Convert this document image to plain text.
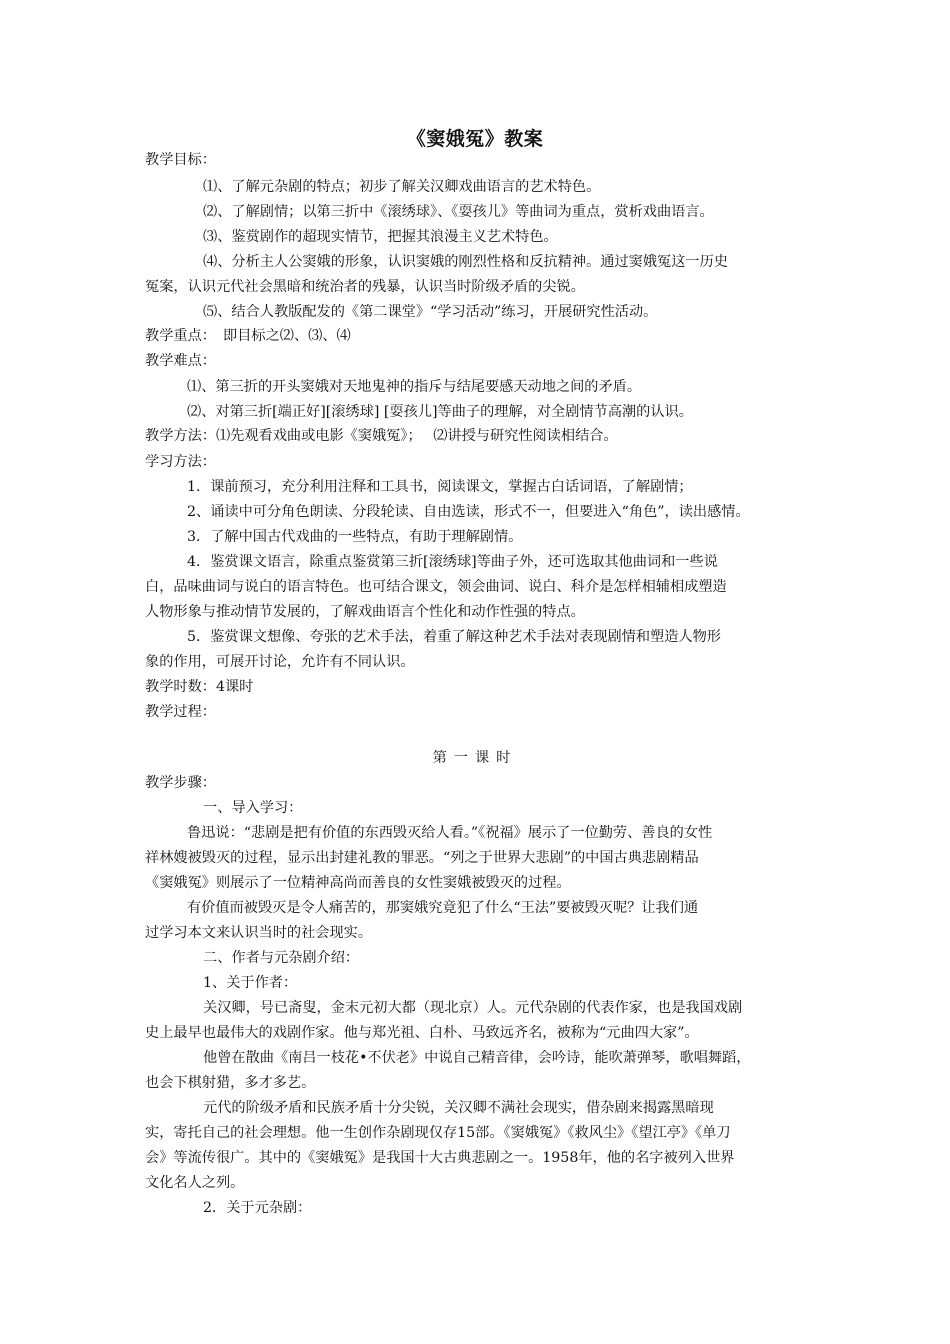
《窦娥冤》教案
教学目标：
⑴、了解元杂剧的特点；初步了解关汉卿戏曲语言的艺术特色。
⑵、了解剧情；以第三折中《滚绣球》、《耍孩儿》等曲词为重点，赏析戏曲语言。
⑶、鉴赏剧作的超现实情节，把握其浪漫主义艺术特色。
⑷、分析主人公窦娥的形象，认识窦娥的刚烈性格和反抗精神。通过窦娥冤这一历史
冤案，认识元代社会黑暗和统治者的残暴，认识当时阶级矛盾的尖锐。
⑸、结合人教版配发的《第二课堂》“学习活动”练习，开展研究性活动。
教学重点：　即目标之⑵、⑶、⑷
教学难点：
⑴、第三折的开头窦娥对天地鬼神的指斥与结尾要感天动地之间的矛盾。
⑵、对第三折[端正好][滚绣球] [耍孩儿]等曲子的理解，对全剧情节高潮的认识。
教学方法：⑴先观看戏曲或电影《窦娥冤》；　 ⑵讲授与研究性阅读相结合。
学习方法：
1．课前预习，充分利用注释和工具书，阅读课文，掌握古白话词语，了解剧情；
2、诵读中可分角色朗读、分段轮读、自由选读，形式不一，但要进入“角色”，读出感情。
3．了解中国古代戏曲的一些特点，有助于理解剧情。
4．鉴赏课文语言，除重点鉴赏第三折[滚绣球]等曲子外，还可选取其他曲词和一些说
白，品味曲词与说白的语言特色。也可结合课文，领会曲词、说白、科介是怎样相辅相成塑造
人物形象与推动情节发展的，了解戏曲语言个性化和动作性强的特点。
5．鉴赏课文想像、夸张的艺术手法，着重了解这种艺术手法对表现剧情和塑造人物形
象的作用，可展开讨论，允许有不同认识。
教学时数：4课时
教学过程：
第一课时
教学步骤：
一、导入学习：
鲁迅说：“悲剧是把有价值的东西毁灭给人看。”《祝福》展示了一位勤劳、善良的女性
祥林嫂被毁灭的过程，显示出封建礼教的罪恶。“列之于世界大悲剧”的中国古典悲剧精品
《窦娥冤》则展示了一位精神高尚而善良的女性窦娥被毁灭的过程。
有价值而被毁灭是令人痛苦的，那窦娥究竟犯了什么“王法”要被毁灭呢？让我们通
过学习本文来认识当时的社会现实。
二、作者与元杂剧介绍：
1、关于作者：
关汉卿，号已斋叟，金末元初大都（现北京）人。元代杂剧的代表作家，也是我国戏剧
史上最早也最伟大的戏剧作家。他与郑光祖、白朴、马致远齐名，被称为“元曲四大家”。
他曾在散曲《南吕一枝花•不伏老》中说自己精音律，会吟诗，能吹萧弹琴，歌唱舞蹈，
也会下棋射猎，多才多艺。
元代的阶级矛盾和民族矛盾十分尖锐，关汉卿不满社会现实，借杂剧来揭露黑暗现
实，寄托自己的社会理想。他一生创作杂剧现仅存15部。《窦娥冤》《救风尘》《望江亭》《单刀
会》等流传很广。其中的《窦娥冤》是我国十大古典悲剧之一。1958年，他的名字被列入世界
文化名人之列。
2．关于元杂剧：
